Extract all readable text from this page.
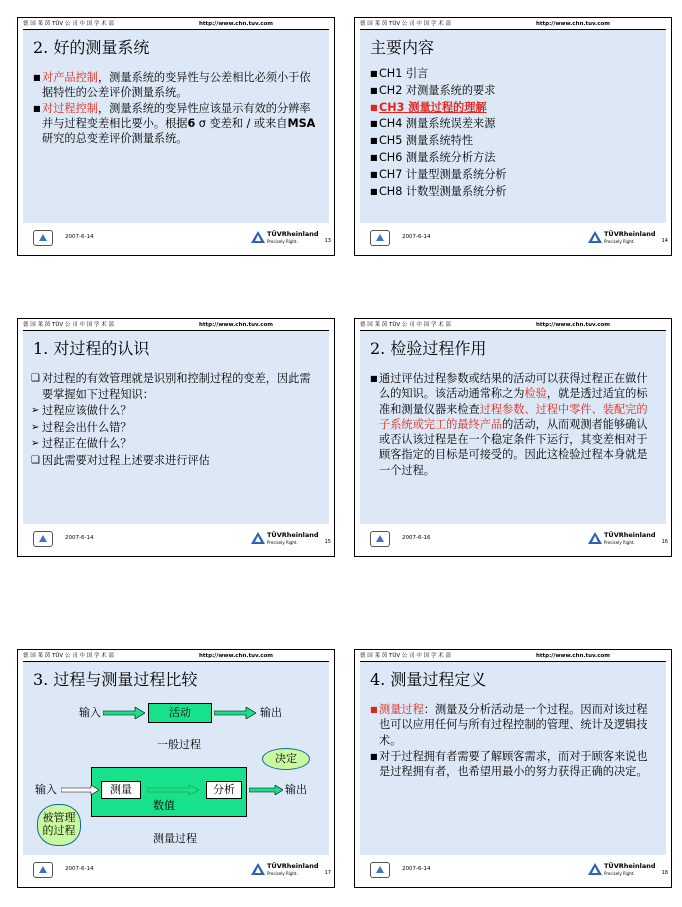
德 国 莱 茵 TÜV 公 司 中 国 学 术 部	http://www.chn.tuv.com
2. 好的测量系统
■ 对产品控制，测量系统的变异性与公差相比必须小于依据特性的公差评价测量系统。
■ 对过程控制，测量系统的变异性应该显示有效的分辨率并与过程变差相比要小。根据6 σ 变差和 / 或来自MSA研究的总变差评价测量系统。
2007-6-14	TÜVRheinland
Precisely Right.	13
德 国 莱 茵 TÜV 公 司 中 国 学 术 部	http://www.chn.tuv.com
主要内容
■ CH1 引言
■ CH2 对测量系统的要求
■ CH3 测量过程的理解
■ CH4 测量系统误差来源
■ CH5 测量系统特性
■ CH6 测量系统分析方法
■ CH7 计量型测量系统分析
■ CH8 计数型测量系统分析
2007-6-14	TÜVRheinland
Precisely Right.	14
德 国 莱 茵 TÜV 公 司 中 国 学 术 部	http://www.chn.tuv.com
1. 对过程的认识
❑ 对过程的有效管理就是识别和控制过程的变差，因此需要掌握如下过程知识：
➢ 过程应该做什么？
➢ 过程会出什么错？
➢ 过程正在做什么？
❑ 因此需要对过程上述要求进行评估
2007-6-14	TÜVRheinland
Precisely Right.	15
德 国 莱 茵 TÜV 公 司 中 国 学 术 部	http://www.chn.tuv.com
2. 检验过程作用
■ 通过评估过程参数或结果的活动可以获得过程正在做什么的知识。该活动通常称之为检验，就是透过适宜的标准和测量仪器来检查过程参数、过程中零件、装配完的子系统或完工的最终产品的活动，从而观测者能够确认或否认该过程是在一个稳定条件下运行，其变差相对于顾客指定的目标是可接受的。因此这检验过程本身就是一个过程。
2007-6-16	TÜVRheinland
Precisely Right.	16
德 国 莱 茵 TÜV 公 司 中 国 学 术 部	http://www.chn.tuv.com
3. 过程与测量过程比较
输入	活动	输出
一般过程
决定
输入	测量	分析
数值
输出
被管理的过程
测量过程
2007-6-14	TÜVRheinland
Precisely Right.	17
德 国 莱 茵 TÜV 公 司 中 国 学 术 部	http://www.chn.tuv.com
4. 测量过程定义
■ 测量过程：测量及分析活动是一个过程。因而对该过程也可以应用任何与所有过程控制的管理、统计及逻辑技术。
■ 对于过程拥有者需要了解顾客需求，而对于顾客来说也是过程拥有者，也希望用最小的努力获得正确的决定。
2007-6-14	TÜVRheinland
Precisely Right.	18
